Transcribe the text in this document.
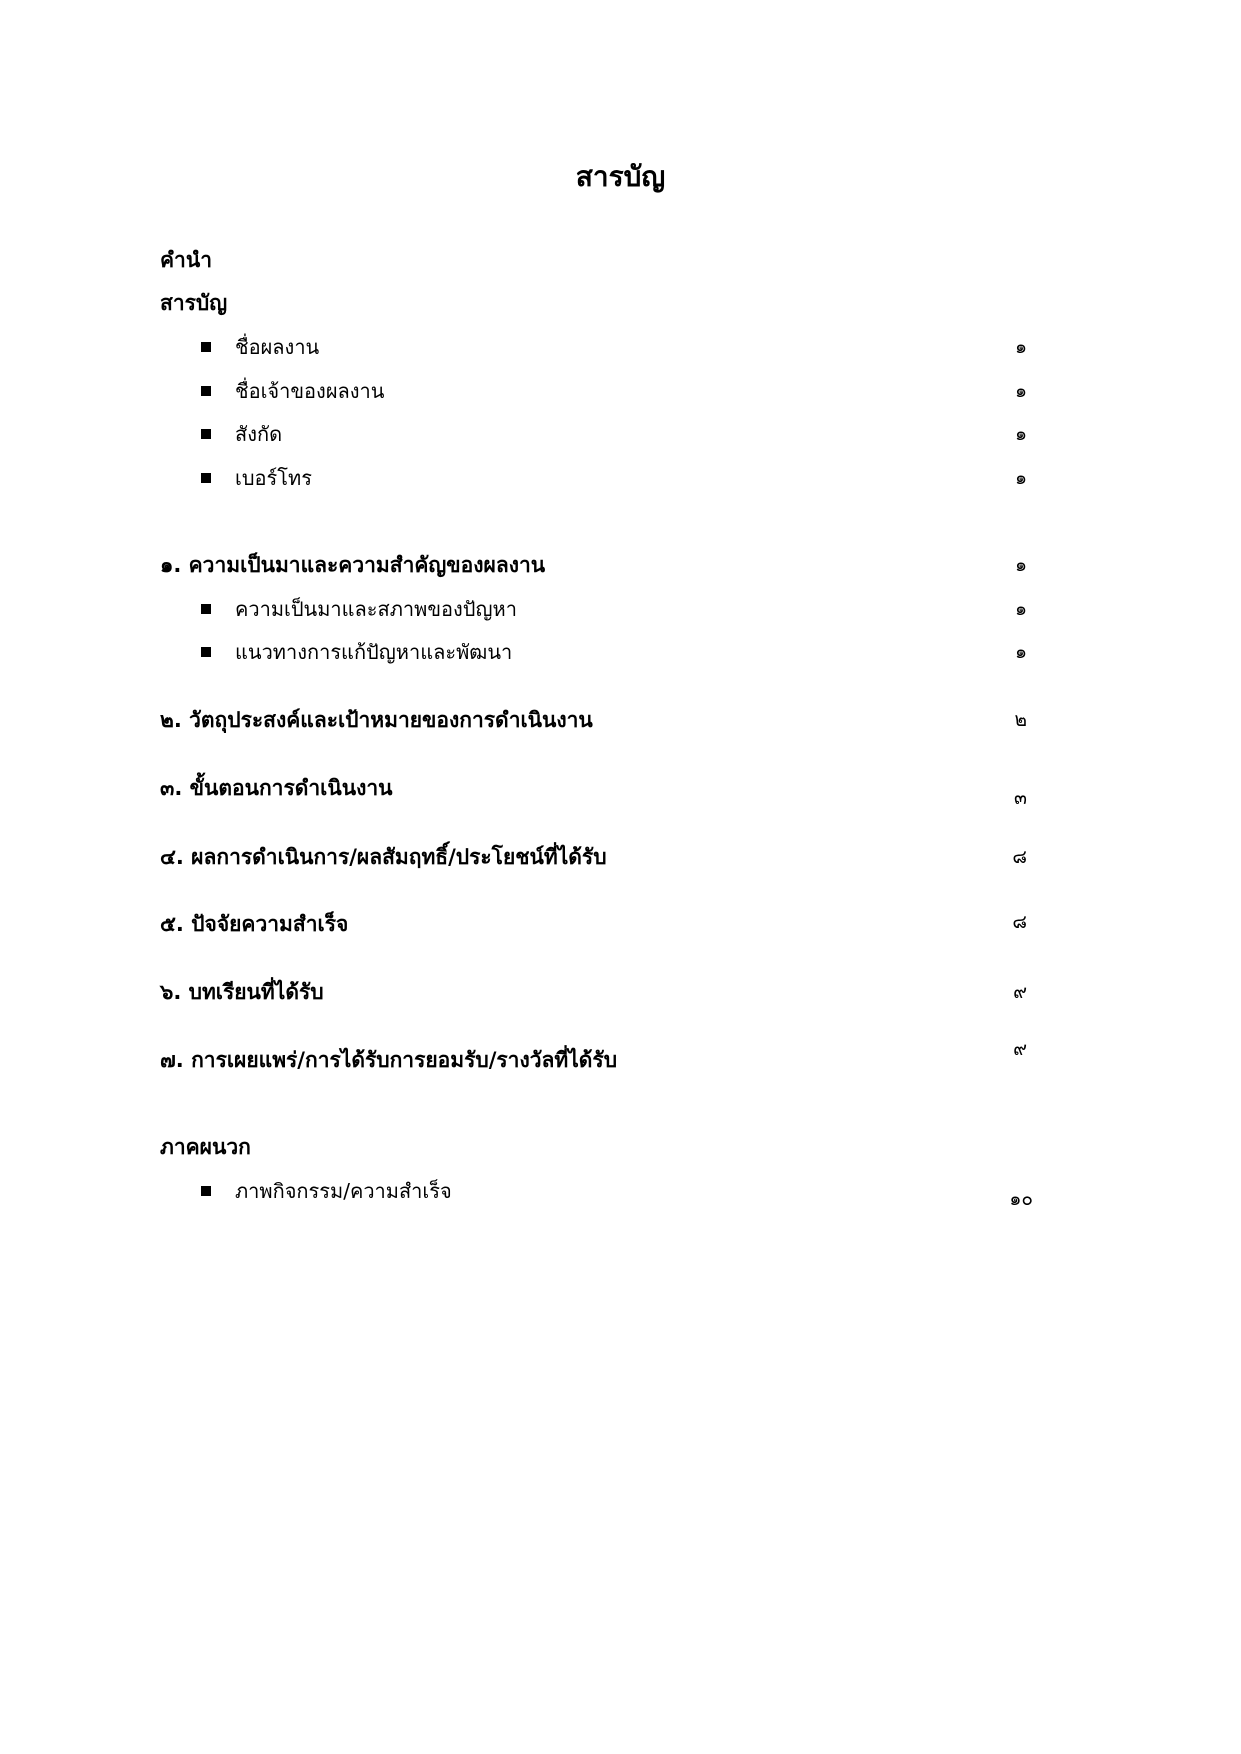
สารบัญ
คำนำ
สารบัญ
ชื่อผลงาน	๑
ชื่อเจ้าของผลงาน	๑
สังกัด	๑
เบอร์โทร	๑
๑. ความเป็นมาและความสำคัญของผลงาน	๑
ความเป็นมาและสภาพของปัญหา	๑
แนวทางการแก้ปัญหาและพัฒนา	๑
๒. วัตถุประสงค์และเป้าหมายของการดำเนินงาน	๒
๓. ขั้นตอนการดำเนินงาน	๓
๔. ผลการดำเนินการ/ผลสัมฤทธิ์/ประโยชน์ที่ได้รับ	๘
๕. ปัจจัยความสำเร็จ	๘
๖. บทเรียนที่ได้รับ	๙
๗. การเผยแพร่/การได้รับการยอมรับ/รางวัลที่ได้รับ	๙
ภาคผนวก
ภาพกิจกรรม/ความสำเร็จ	๑๐
